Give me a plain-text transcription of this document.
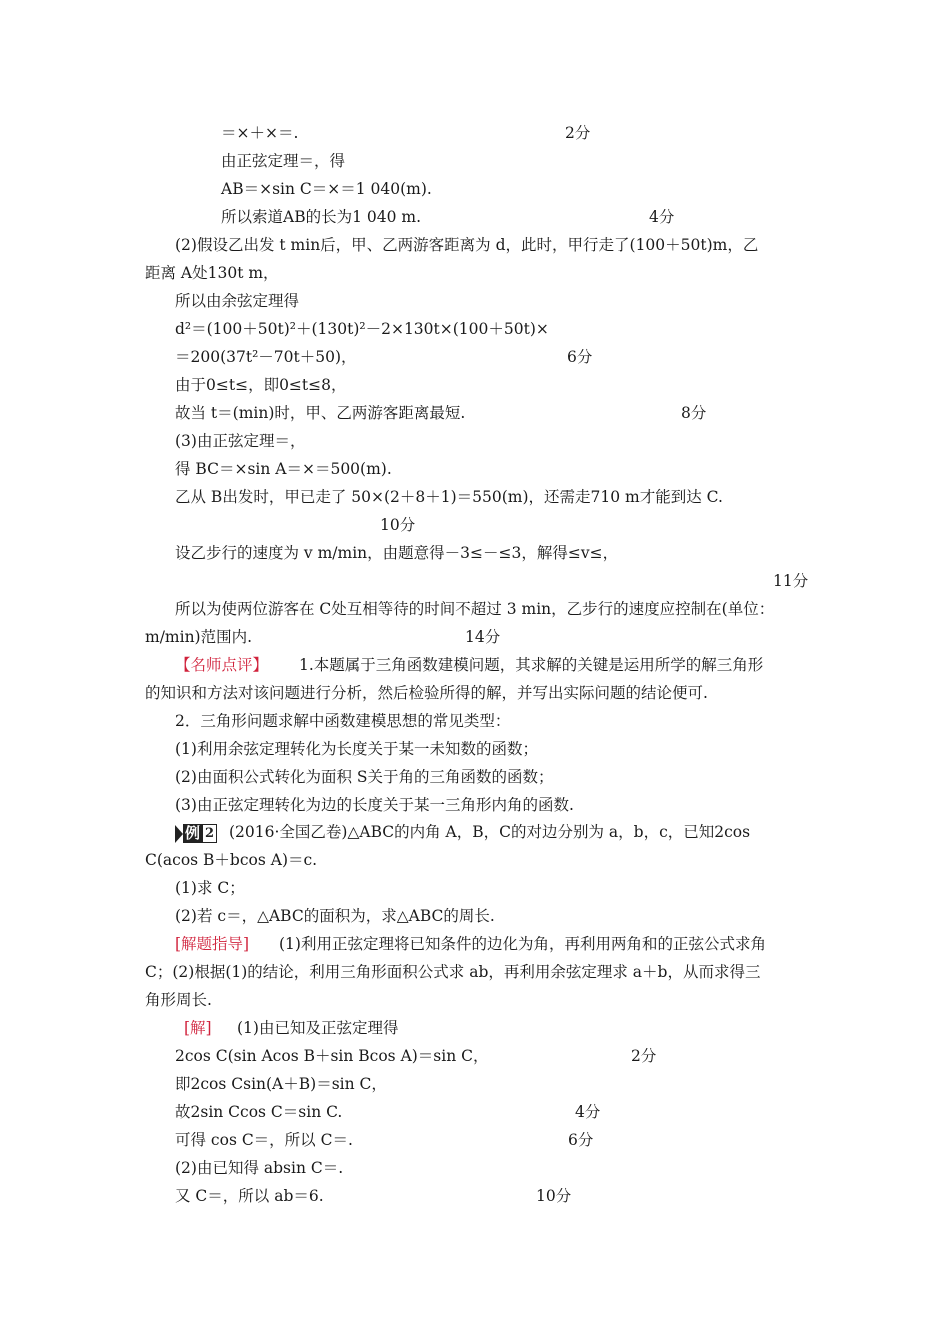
＝×＋×＝.	2分
由正弦定理＝，得
AB＝×sin C＝×＝1 040(m).
所以索道AB的长为1 040 m.	4分
(2)假设乙出发 t min后，甲、乙两游客距离为 d，此时，甲行走了(100＋50t)m，乙
距离 A处130t m，
所以由余弦定理得
d²＝(100＋50t)²＋(130t)²－2×130t×(100＋50t)×
＝200(37t²－70t＋50)，	6分
由于0≤t≤，即0≤t≤8，
故当 t＝(min)时，甲、乙两游客距离最短.	8分
(3)由正弦定理＝，
得 BC＝×sin A＝×＝500(m).
乙从 B出发时，甲已走了 50×(2＋8＋1)＝550(m)，还需走710 m才能到达 C.
10分
设乙步行的速度为 v m/min，由题意得－3≤－≤3，解得≤v≤，
11分
所以为使两位游客在 C处互相等待的时间不超过 3 min，乙步行的速度应控制在(单位：
m/min)范围内.	14分
【名师点评】 1.本题属于三角函数建模问题，其求解的关键是运用所学的解三角形
的知识和方法对该问题进行分析，然后检验所得的解，并写出实际问题的结论便可.
2．三角形问题求解中函数建模思想的常见类型：
(1)利用余弦定理转化为长度关于某一未知数的函数；
(2)由面积公式转化为面积 S关于角的三角函数的函数；
(3)由正弦定理转化为边的长度关于某一三角形内角的函数.
例 2 (2016·全国乙卷)△ABC的内角 A，B，C的对边分别为 a，b，c，已知2cos
C(acos B＋bcos A)＝c.
(1)求 C；
(2)若 c＝，△ABC的面积为，求△ABC的周长.
[解题指导] (1)利用正弦定理将已知条件的边化为角，再利用两角和的正弦公式求角
C；(2)根据(1)的结论，利用三角形面积公式求 ab，再利用余弦定理求 a＋b，从而求得三
角形周长.
[解] (1)由已知及正弦定理得
2cos C(sin Acos B＋sin Bcos A)＝sin C，	2分
即2cos Csin(A＋B)＝sin C，
故2sin Ccos C＝sin C.	4分
可得 cos C＝，所以 C＝.	6分
(2)由已知得 absin C＝.
又 C＝，所以 ab＝6.	10分
